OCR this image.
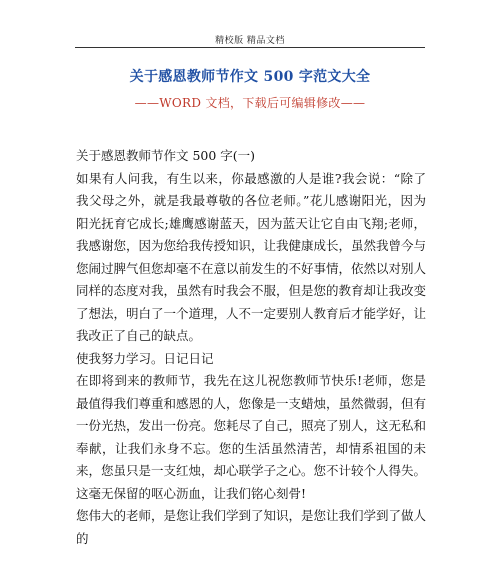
精校版 精品文档
关于感恩教师节作文 500 字范文大全
——WORD 文档，下载后可编辑修改——

关于感恩教师节作文 500 字(一)

如果有人问我，有生以来，你最感激的人是谁?我会说：“除了我父母之外，就是我最尊敬的各位老师。”花儿感谢阳光，因为阳光抚育它成长;雄鹰感谢蓝天，因为蓝天让它自由飞翔;老师，我感谢您，因为您给我传授知识，让我健康成长，虽然我曾今与您闹过脾气但您却毫不在意以前发生的不好事情，依然以对别人同样的态度对我，虽然有时我会不服，但是您的教育却让我改变了想法，明白了一个道理，人不一定要别人教育后才能学好，让我改正了自己的缺点。

使我努力学习。日记日记

在即将到来的教师节，我先在这儿祝您教师节快乐!老师，您是最值得我们尊重和感恩的人，您像是一支蜡烛，虽然微弱，但有一份光热，发出一份亮。您耗尽了自己，照亮了别人，这无私和奉献，让我们永身不忘。您的生活虽然清苦，却情系祖国的未来，您虽只是一支红烛，却心联学子之心。您不计较个人得失。这毫无保留的呕心沥血，让我们铭心刻骨!

您伟大的老师，是您让我们学到了知识，是您让我们学到了做人的
